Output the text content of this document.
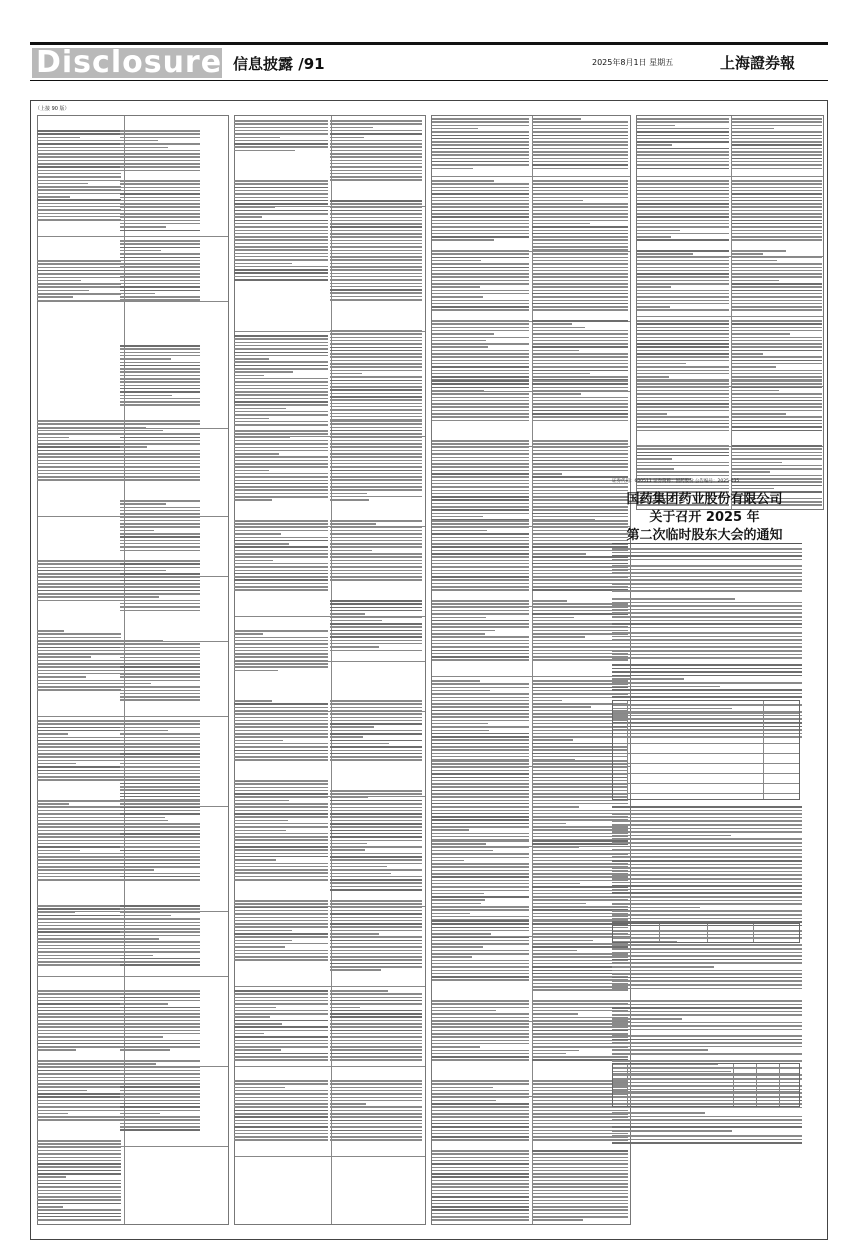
Disclosure 信息披露 /91	2025年8月1日 星期五	上海證券報
（上接 90 版）
证券代码：600511 证券简称：国药股份 公告编号：2025-035
国药集团药业股份有限公司
关于召开 2025 年
第二次临时股东大会的通知
